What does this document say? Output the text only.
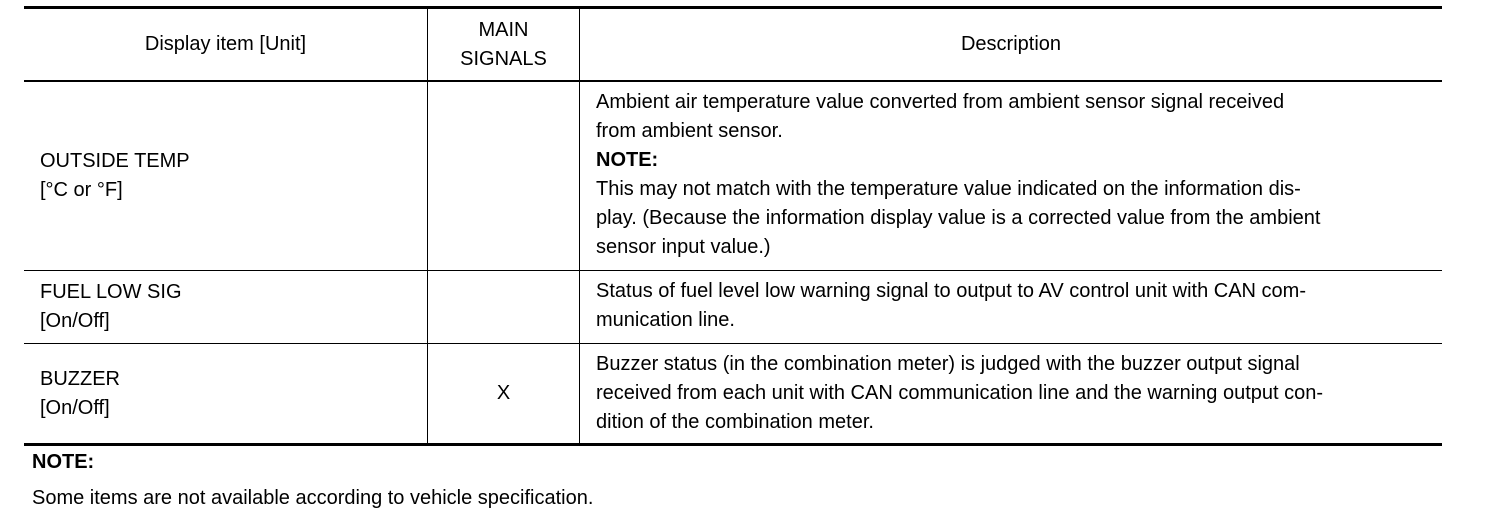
Display item [Unit]
MAIN
SIGNALS
Description
OUTSIDE TEMP
[°C or °F]
Ambient air temperature value converted from ambient sensor signal received
from ambient sensor.
NOTE:
This may not match with the temperature value indicated on the information dis-
play. (Because the information display value is a corrected value from the ambient
sensor input value.)
FUEL LOW SIG
[On/Off]
Status of fuel level low warning signal to output to AV control unit with CAN com-
munication line.
BUZZER
[On/Off]
X
Buzzer status (in the combination meter) is judged with the buzzer output signal
received from each unit with CAN communication line and the warning output con-
dition of the combination meter.
NOTE:
Some items are not available according to vehicle specification.
